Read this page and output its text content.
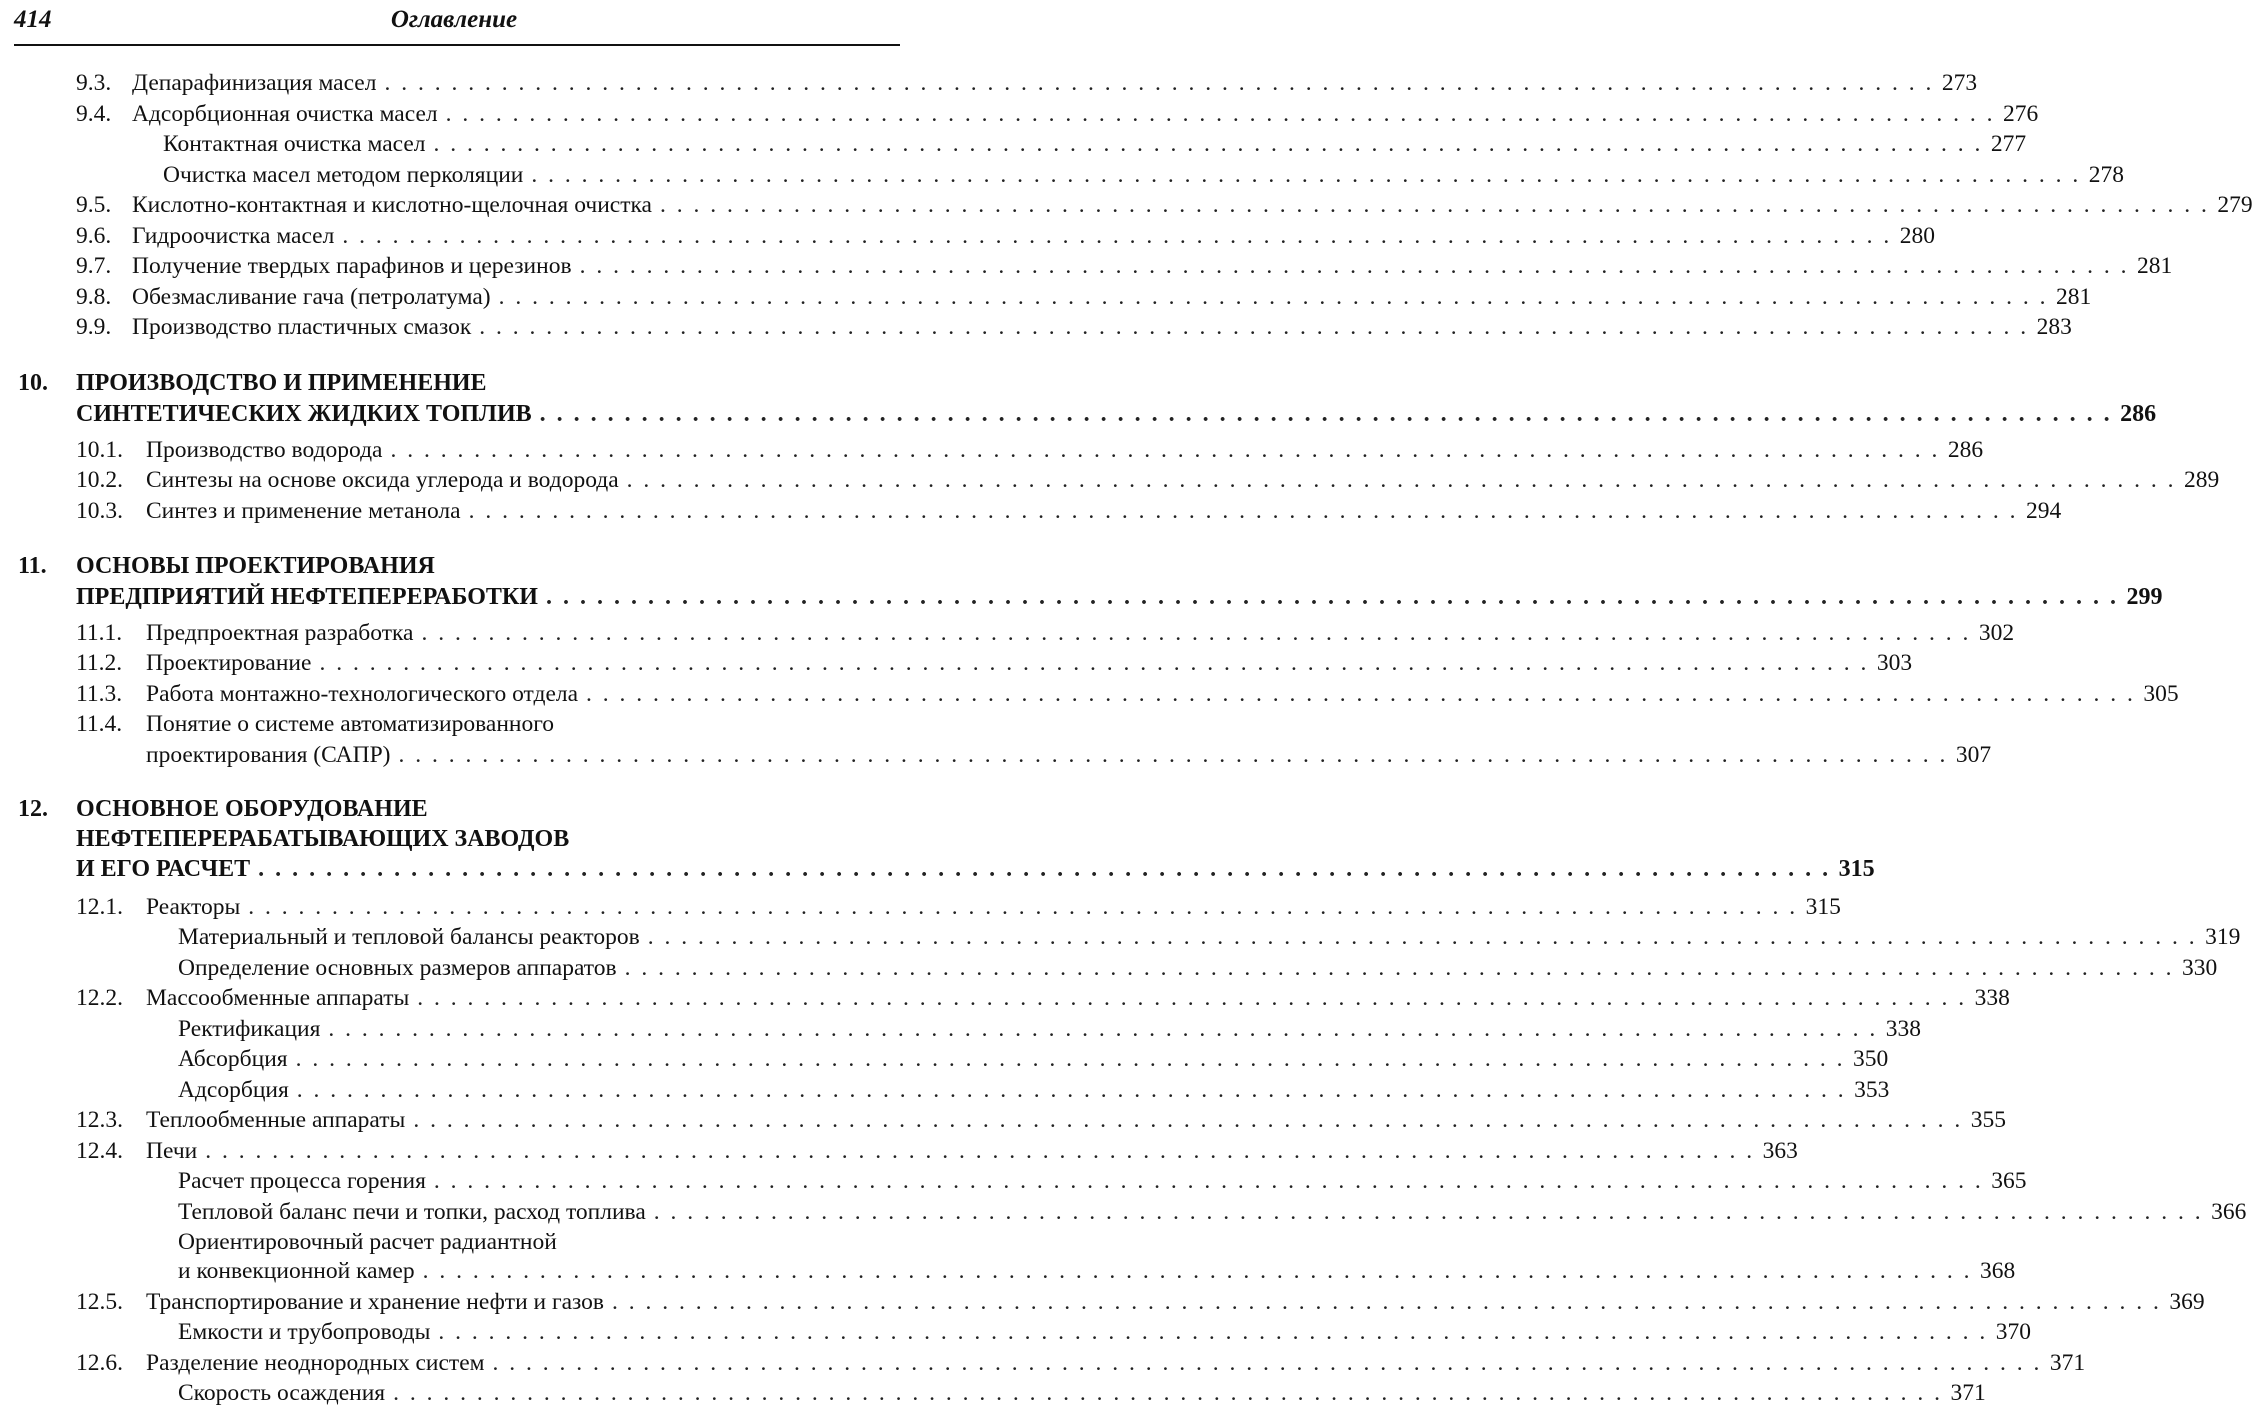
414	Оглавление
9.3. Депарафинизация масел . . . . . . . . . . . . . . . . . . . . . . . . . . . . . . . . . . . . . . . . . . . . . . . . . . . . . . . . . . . . . . . . . . . . . . . . . . . . . . . . . . . . . . . . . . . . . 273
9.4. Адсорбционная очистка масел . . . . . . . . . . . . . . . . . . . . . . . . . . . . . . . . . . . . . . . . . . . . . . . . . . . . . . . . . . . . . . . . . . . . . . . . . . . . . . . . . . . . . . . . . . . . . 276
Контактная очистка масел . . . . . . . . . . . . . . . . . . . . . . . . . . . . . . . . . . . . . . . . . . . . . . . . . . . . . . . . . . . . . . . . . . . . . . . . . . . . . . . . . . . . . . . . . . . . . 277
Очистка масел методом перколяции . . . . . . . . . . . . . . . . . . . . . . . . . . . . . . . . . . . . . . . . . . . . . . . . . . . . . . . . . . . . . . . . . . . . . . . . . . . . . . . . . . . . . . . . . . . . . 278
9.5. Кислотно-контактная и кислотно-щелочная очистка . . . . . . . . . . . . . . . . . . . . . . . . . . . . . . . . . . . . . . . . . . . . . . . . . . . . . . . . . . . . . . . . . . . . . . . . . . . . . . . . . . . . . . . . . . . . . 279
9.6. Гидроочистка масел . . . . . . . . . . . . . . . . . . . . . . . . . . . . . . . . . . . . . . . . . . . . . . . . . . . . . . . . . . . . . . . . . . . . . . . . . . . . . . . . . . . . . . . . . . . . . 280
9.7. Получение твердых парафинов и церезинов . . . . . . . . . . . . . . . . . . . . . . . . . . . . . . . . . . . . . . . . . . . . . . . . . . . . . . . . . . . . . . . . . . . . . . . . . . . . . . . . . . . . . . . . . . . . . 281
9.8. Обезмасливание гача (петролатума) . . . . . . . . . . . . . . . . . . . . . . . . . . . . . . . . . . . . . . . . . . . . . . . . . . . . . . . . . . . . . . . . . . . . . . . . . . . . . . . . . . . . . . . . . . . . . 281
9.9. Производство пластичных смазок . . . . . . . . . . . . . . . . . . . . . . . . . . . . . . . . . . . . . . . . . . . . . . . . . . . . . . . . . . . . . . . . . . . . . . . . . . . . . . . . . . . . . . . . . . . . . 283
10. ПРОИЗВОДСТВО И ПРИМЕНЕНИЕ
СИНТЕТИЧЕСКИХ ЖИДКИХ ТОПЛИВ . . . . . . . . . . . . . . . . . . . . . . . . . . . . . . . . . . . . . . . . . . . . . . . . . . . . . . . . . . . . . . . . . . . . . . . . . . . . . . . . . . . . . . . . . . . . . 286
10.1. Производство водорода . . . . . . . . . . . . . . . . . . . . . . . . . . . . . . . . . . . . . . . . . . . . . . . . . . . . . . . . . . . . . . . . . . . . . . . . . . . . . . . . . . . . . . . . . . . . . 286
10.2. Синтезы на основе оксида углерода и водорода . . . . . . . . . . . . . . . . . . . . . . . . . . . . . . . . . . . . . . . . . . . . . . . . . . . . . . . . . . . . . . . . . . . . . . . . . . . . . . . . . . . . . . . . . . . . . 289
10.3. Синтез и применение метанола . . . . . . . . . . . . . . . . . . . . . . . . . . . . . . . . . . . . . . . . . . . . . . . . . . . . . . . . . . . . . . . . . . . . . . . . . . . . . . . . . . . . . . . . . . . . . 294
11. ОСНОВЫ ПРОЕКТИРОВАНИЯ
ПРЕДПРИЯТИЙ НЕФТЕПЕРЕРАБОТКИ . . . . . . . . . . . . . . . . . . . . . . . . . . . . . . . . . . . . . . . . . . . . . . . . . . . . . . . . . . . . . . . . . . . . . . . . . . . . . . . . . . . . . . . . . . . . . 299
11.1. Предпроектная разработка . . . . . . . . . . . . . . . . . . . . . . . . . . . . . . . . . . . . . . . . . . . . . . . . . . . . . . . . . . . . . . . . . . . . . . . . . . . . . . . . . . . . . . . . . . . . . 302
11.2. Проектирование . . . . . . . . . . . . . . . . . . . . . . . . . . . . . . . . . . . . . . . . . . . . . . . . . . . . . . . . . . . . . . . . . . . . . . . . . . . . . . . . . . . . . . . . . . . . . 303
11.3. Работа монтажно-технологического отдела . . . . . . . . . . . . . . . . . . . . . . . . . . . . . . . . . . . . . . . . . . . . . . . . . . . . . . . . . . . . . . . . . . . . . . . . . . . . . . . . . . . . . . . . . . . . . 305
11.4. Понятие о системе автоматизированного
проектирования (САПР) . . . . . . . . . . . . . . . . . . . . . . . . . . . . . . . . . . . . . . . . . . . . . . . . . . . . . . . . . . . . . . . . . . . . . . . . . . . . . . . . . . . . . . . . . . . . . 307
12. ОСНОВНОЕ ОБОРУДОВАНИЕ
НЕФТЕПЕРЕРАБАТЫВАЮЩИХ ЗАВОДОВ
И ЕГО РАСЧЕТ . . . . . . . . . . . . . . . . . . . . . . . . . . . . . . . . . . . . . . . . . . . . . . . . . . . . . . . . . . . . . . . . . . . . . . . . . . . . . . . . . . . . . . . . . . . . . 315
12.1. Реакторы . . . . . . . . . . . . . . . . . . . . . . . . . . . . . . . . . . . . . . . . . . . . . . . . . . . . . . . . . . . . . . . . . . . . . . . . . . . . . . . . . . . . . . . . . . . . . 315
Материальный и тепловой балансы реакторов . . . . . . . . . . . . . . . . . . . . . . . . . . . . . . . . . . . . . . . . . . . . . . . . . . . . . . . . . . . . . . . . . . . . . . . . . . . . . . . . . . . . . . . . . . . . . 319
Определение основных размеров аппаратов . . . . . . . . . . . . . . . . . . . . . . . . . . . . . . . . . . . . . . . . . . . . . . . . . . . . . . . . . . . . . . . . . . . . . . . . . . . . . . . . . . . . . . . . . . . . . 330
12.2. Массообменные аппараты . . . . . . . . . . . . . . . . . . . . . . . . . . . . . . . . . . . . . . . . . . . . . . . . . . . . . . . . . . . . . . . . . . . . . . . . . . . . . . . . . . . . . . . . . . . . . 338
Ректификация . . . . . . . . . . . . . . . . . . . . . . . . . . . . . . . . . . . . . . . . . . . . . . . . . . . . . . . . . . . . . . . . . . . . . . . . . . . . . . . . . . . . . . . . . . . . . 338
Абсорбция . . . . . . . . . . . . . . . . . . . . . . . . . . . . . . . . . . . . . . . . . . . . . . . . . . . . . . . . . . . . . . . . . . . . . . . . . . . . . . . . . . . . . . . . . . . . . 350
Адсорбция . . . . . . . . . . . . . . . . . . . . . . . . . . . . . . . . . . . . . . . . . . . . . . . . . . . . . . . . . . . . . . . . . . . . . . . . . . . . . . . . . . . . . . . . . . . . . 353
12.3. Теплообменные аппараты . . . . . . . . . . . . . . . . . . . . . . . . . . . . . . . . . . . . . . . . . . . . . . . . . . . . . . . . . . . . . . . . . . . . . . . . . . . . . . . . . . . . . . . . . . . . . 355
12.4. Печи . . . . . . . . . . . . . . . . . . . . . . . . . . . . . . . . . . . . . . . . . . . . . . . . . . . . . . . . . . . . . . . . . . . . . . . . . . . . . . . . . . . . . . . . . . . . . 363
Расчет процесса горения . . . . . . . . . . . . . . . . . . . . . . . . . . . . . . . . . . . . . . . . . . . . . . . . . . . . . . . . . . . . . . . . . . . . . . . . . . . . . . . . . . . . . . . . . . . . . 365
Тепловой баланс печи и топки, расход топлива . . . . . . . . . . . . . . . . . . . . . . . . . . . . . . . . . . . . . . . . . . . . . . . . . . . . . . . . . . . . . . . . . . . . . . . . . . . . . . . . . . . . . . . . . . . . . 366
Ориентировочный расчет радиантной
и конвекционной камер . . . . . . . . . . . . . . . . . . . . . . . . . . . . . . . . . . . . . . . . . . . . . . . . . . . . . . . . . . . . . . . . . . . . . . . . . . . . . . . . . . . . . . . . . . . . . 368
12.5. Транспортирование и хранение нефти и газов . . . . . . . . . . . . . . . . . . . . . . . . . . . . . . . . . . . . . . . . . . . . . . . . . . . . . . . . . . . . . . . . . . . . . . . . . . . . . . . . . . . . . . . . . . . . . 369
Емкости и трубопроводы . . . . . . . . . . . . . . . . . . . . . . . . . . . . . . . . . . . . . . . . . . . . . . . . . . . . . . . . . . . . . . . . . . . . . . . . . . . . . . . . . . . . . . . . . . . . . 370
12.6. Разделение неоднородных систем . . . . . . . . . . . . . . . . . . . . . . . . . . . . . . . . . . . . . . . . . . . . . . . . . . . . . . . . . . . . . . . . . . . . . . . . . . . . . . . . . . . . . . . . . . . . . 371
Скорость осаждения . . . . . . . . . . . . . . . . . . . . . . . . . . . . . . . . . . . . . . . . . . . . . . . . . . . . . . . . . . . . . . . . . . . . . . . . . . . . . . . . . . . . . . . . . . . . . 371
